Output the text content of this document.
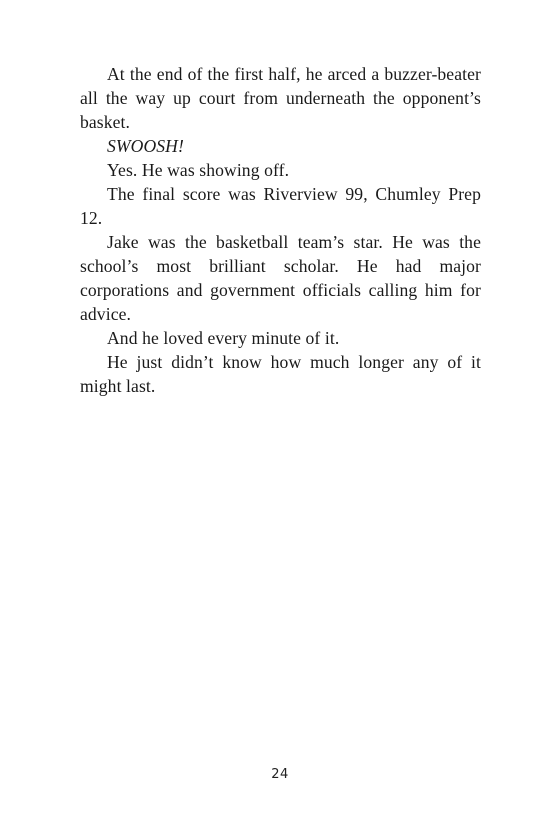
At the end of the first half, he arced a buzzer-beater all the way up court from underneath the opponent’s basket.

SWOOSH!

Yes. He was showing off.

The final score was Riverview 99, Chumley Prep 12.

Jake was the basketball team’s star. He was the school’s most brilliant scholar. He had major corporations and government officials calling him for advice.

And he loved every minute of it.

He just didn’t know how much longer any of it might last.

24
